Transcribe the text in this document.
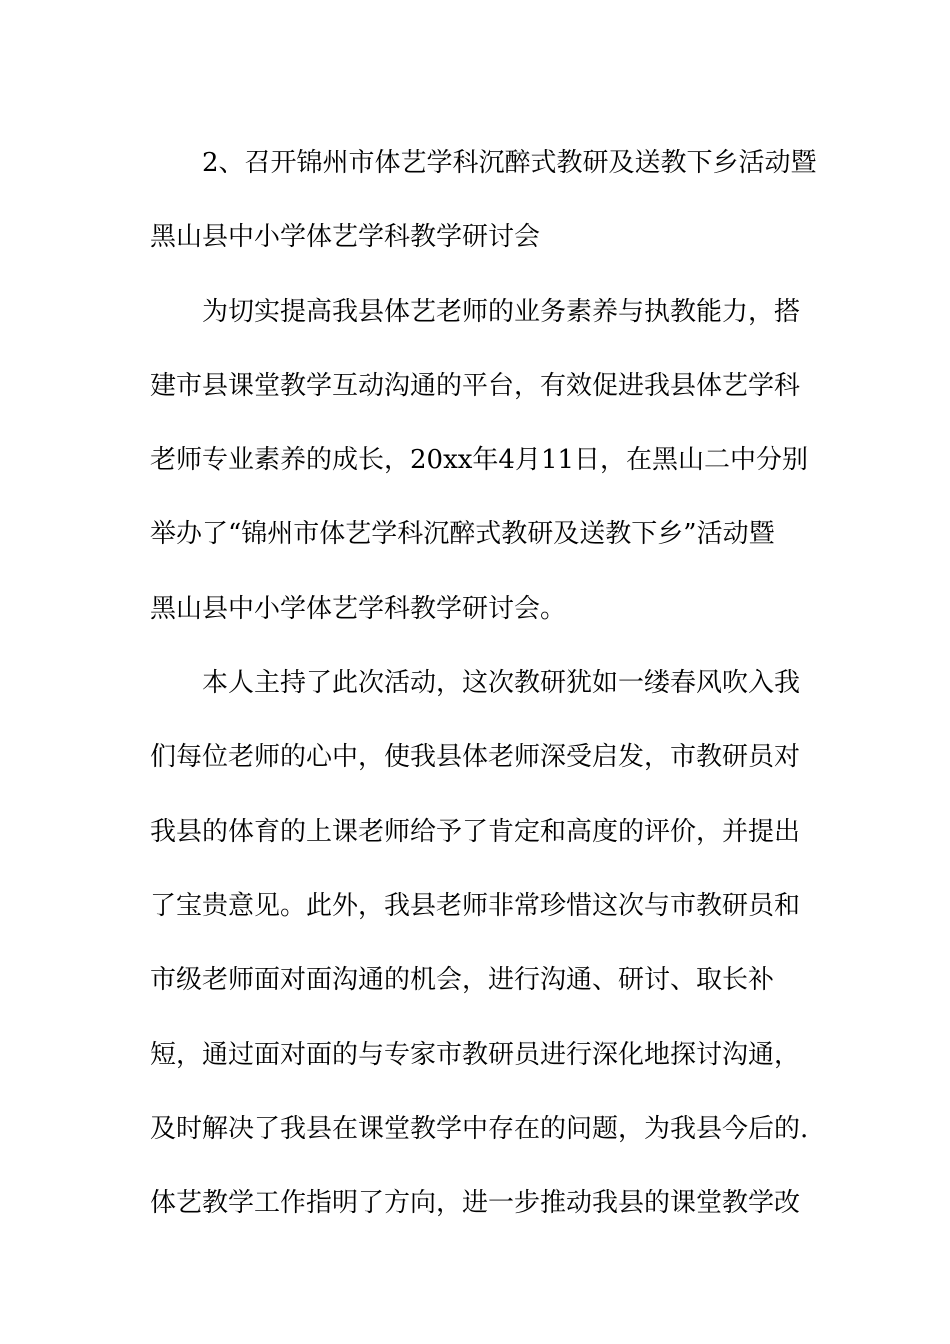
2、召开锦州市体艺学科沉醉式教研及送教下乡活动暨
黑山县中小学体艺学科教学研讨会
为切实提高我县体艺老师的业务素养与执教能力，搭
建市县课堂教学互动沟通的平台，有效促进我县体艺学科
老师专业素养的成长，20xx年4月11日，在黑山二中分别
举办了“锦州市体艺学科沉醉式教研及送教下乡”活动暨
黑山县中小学体艺学科教学研讨会。
本人主持了此次活动，这次教研犹如一缕春风吹入我
们每位老师的心中，使我县体老师深受启发，市教研员对
我县的体育的上课老师给予了肯定和高度的评价，并提出
了宝贵意见。此外，我县老师非常珍惜这次与市教研员和
市级老师面对面沟通的机会，进行沟通、研讨、取长补
短，通过面对面的与专家市教研员进行深化地探讨沟通，
及时解决了我县在课堂教学中存在的问题，为我县今后的.
体艺教学工作指明了方向，进一步推动我县的课堂教学改
